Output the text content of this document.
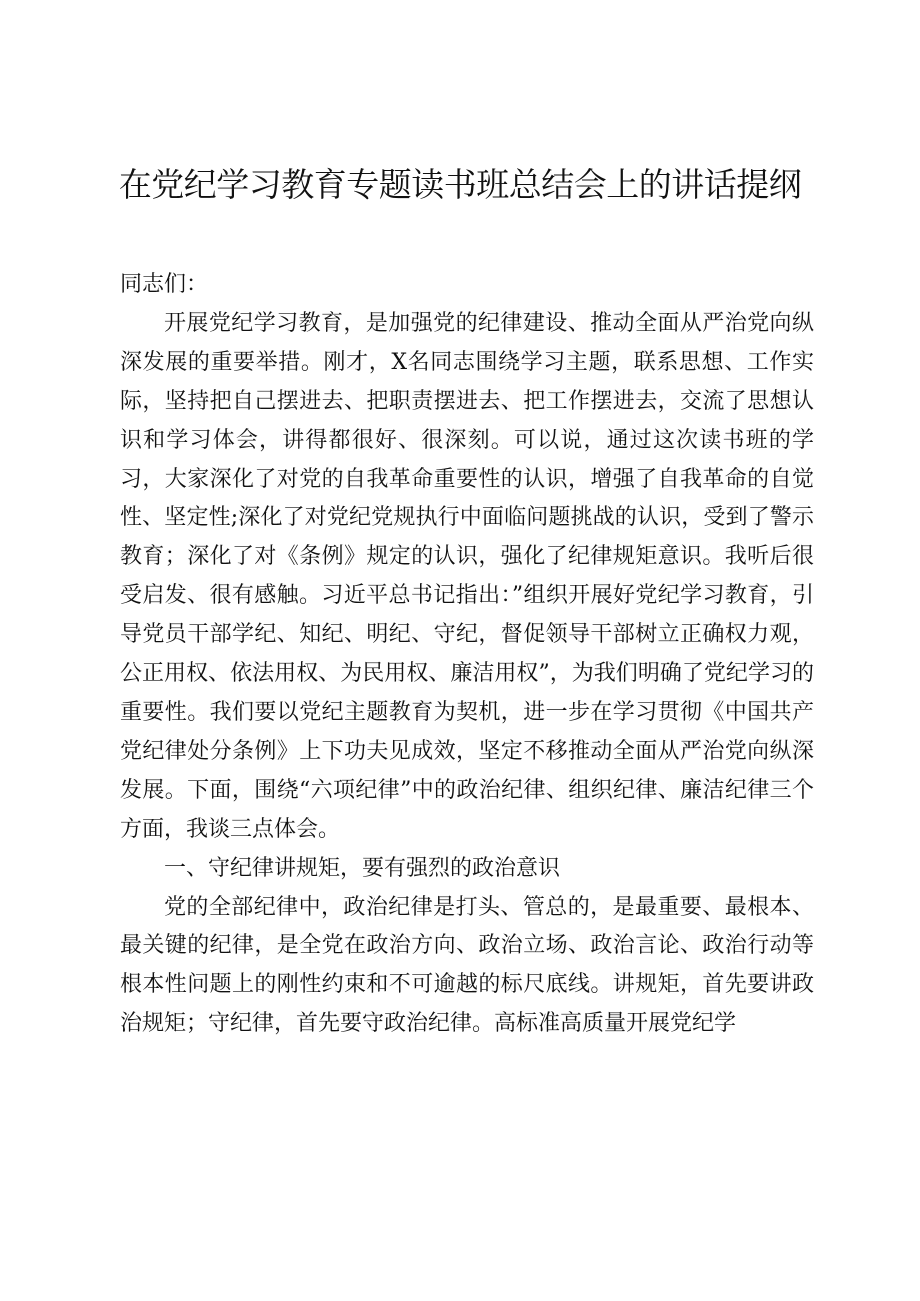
在党纪学习教育专题读书班总结会上的讲话提纲

同志们：

开展党纪学习教育，是加强党的纪律建设、推动全面从严治党向纵深发展的重要举措。刚才，X名同志围绕学习主题，联系思想、工作实际，坚持把自己摆进去、把职责摆进去、把工作摆进去，交流了思想认识和学习体会，讲得都很好、很深刻。可以说，通过这次读书班的学习，大家深化了对党的自我革命重要性的认识，增强了自我革命的自觉性、坚定性;深化了对党纪党规执行中面临问题挑战的认识，受到了警示教育；深化了对《条例》规定的认识，强化了纪律规矩意识。我听后很受启发、很有感触。习近平总书记指出：”组织开展好党纪学习教育，引导党员干部学纪、知纪、明纪、守纪，督促领导干部树立正确权力观，公正用权、依法用权、为民用权、廉洁用权”，为我们明确了党纪学习的重要性。我们要以党纪主题教育为契机，进一步在学习贯彻《中国共产党纪律处分条例》上下功夫见成效，坚定不移推动全面从严治党向纵深发展。下面，围绕“六项纪律”中的政治纪律、组织纪律、廉洁纪律三个方面，我谈三点体会。

一、守纪律讲规矩，要有强烈的政治意识

党的全部纪律中，政治纪律是打头、管总的，是最重要、最根本、最关键的纪律，是全党在政治方向、政治立场、政治言论、政治行动等根本性问题上的刚性约束和不可逾越的标尺底线。讲规矩，首先要讲政治规矩；守纪律，首先要守政治纪律。高标准高质量开展党纪学
